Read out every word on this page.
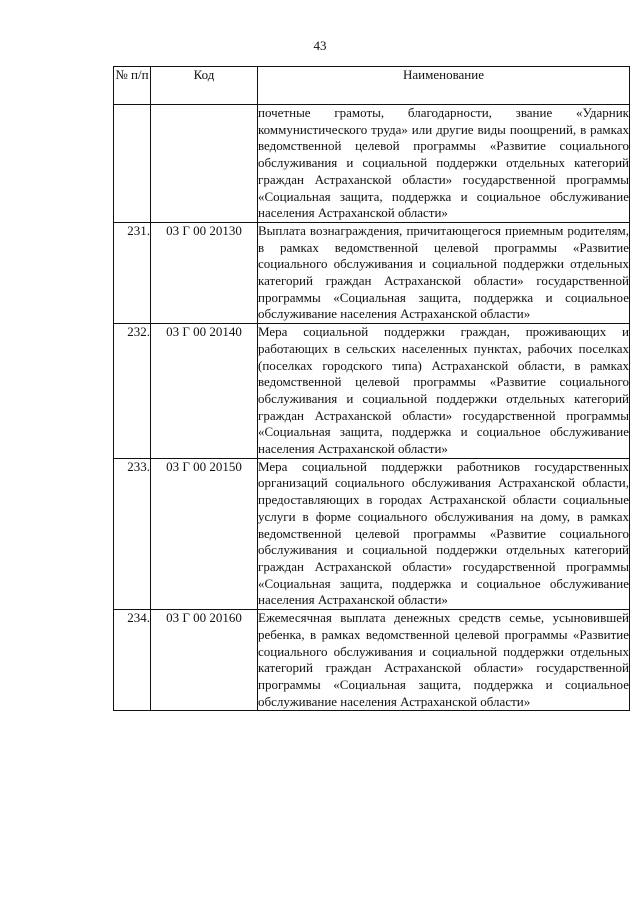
43
№ п/п	Код	Наименование
		почетные грамоты, благодарности, звание «Ударник коммунистического труда» или другие виды поощрений, в рамках ведомственной целевой программы «Развитие социального обслуживания и социальной поддержки отдельных категорий граждан Астраханской области» государственной программы «Социальная защита, поддержка и социальное обслуживание населения Астраханской области»
231.	03 Г 00 20130	Выплата вознаграждения, причитающегося приемным родителям, в рамках ведомственной целевой программы «Развитие социального обслуживания и социальной поддержки отдельных категорий граждан Астраханской области» государственной программы «Социальная защита, поддержка и социальное обслуживание населения Астраханской области»
232.	03 Г 00 20140	Мера социальной поддержки граждан, проживающих и работающих в сельских населенных пунктах, рабочих поселках (поселках городского типа) Астраханской области, в рамках ведомственной целевой программы «Развитие социального обслуживания и социальной поддержки отдельных категорий граждан Астраханской области» государственной программы «Социальная защита, поддержка и социальное обслуживание населения Астраханской области»
233.	03 Г 00 20150	Мера социальной поддержки работников государственных организаций социального обслуживания Астраханской области, предоставляющих в городах Астраханской области социальные услуги в форме социального обслуживания на дому, в рамках ведомственной целевой программы «Развитие социального обслуживания и социальной поддержки отдельных категорий граждан Астраханской области» государственной программы «Социальная защита, поддержка и социальное обслуживание населения Астраханской области»
234.	03 Г 00 20160	Ежемесячная выплата денежных средств семье, усыновившей ребенка, в рамках ведомственной целевой программы «Развитие социального обслуживания и социальной поддержки отдельных категорий граждан Астраханской области» государственной программы «Социальная защита, поддержка и социальное обслуживание населения Астраханской области»
